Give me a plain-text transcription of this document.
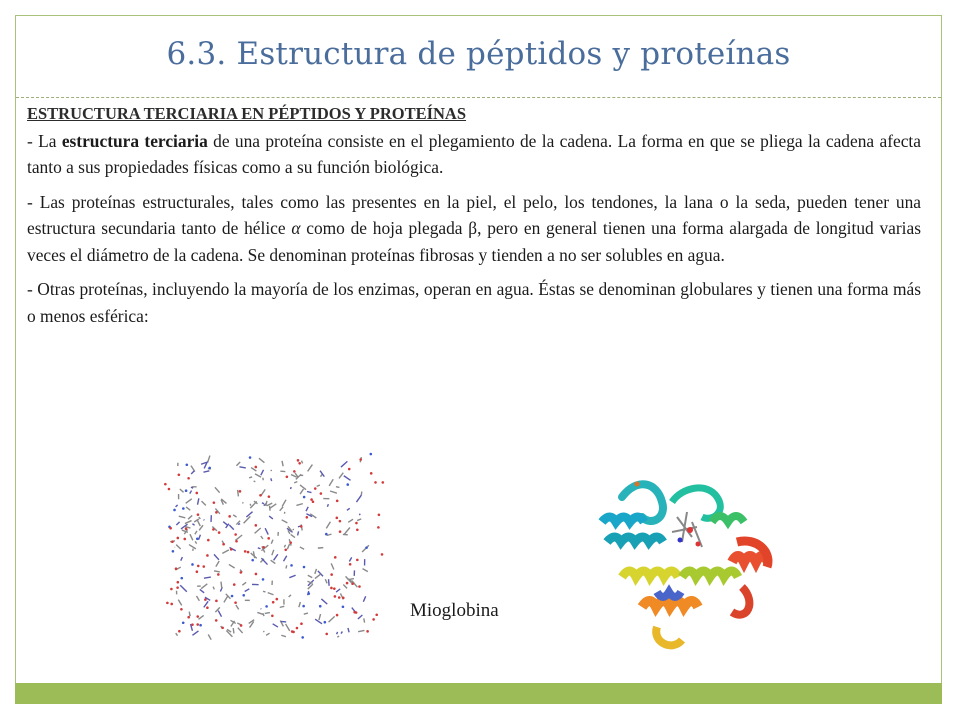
6.3. Estructura de péptidos y proteínas
ESTRUCTURA TERCIARIA EN PÉPTIDOS Y PROTEÍNAS

- La estructura terciaria de una proteína consiste en el plegamiento de la cadena. La forma en que se pliega la cadena afecta tanto a sus propiedades físicas como a su función biológica.

- Las proteínas estructurales, tales como las presentes en la piel, el pelo, los tendones, la lana o la seda, pueden tener una estructura secundaria tanto de hélice α como de hoja plegada β, pero en general tienen una forma alargada de longitud varias veces el diámetro de la cadena. Se denominan proteínas fibrosas y tienden a no ser solubles en agua.

- Otras proteínas, incluyendo la mayoría de los enzimas, operan en agua. Éstas se denominan globulares y tienen una forma más o menos esférica:

Mioglobina
